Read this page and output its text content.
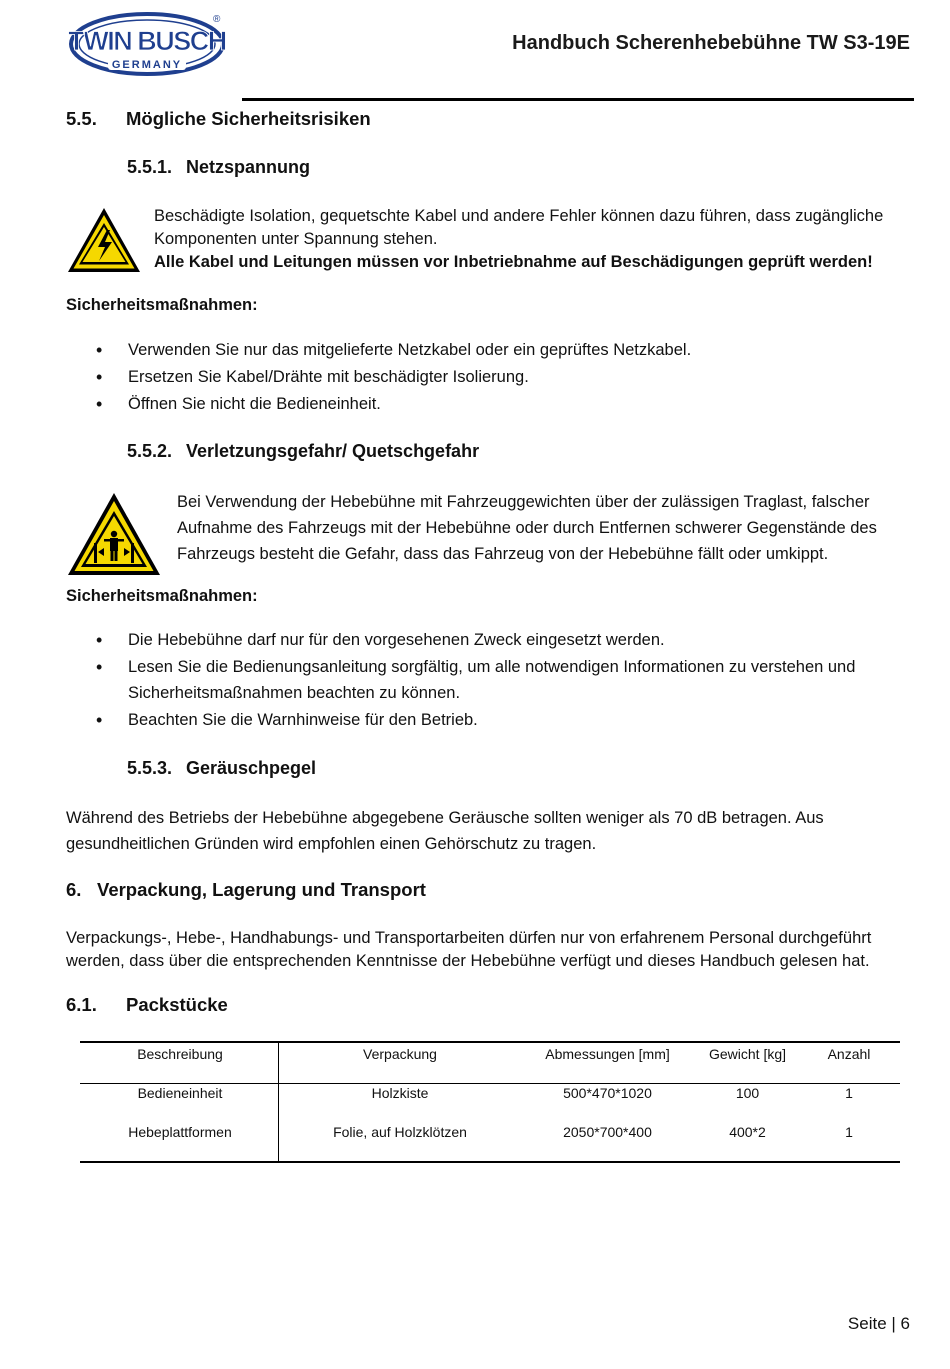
TWIN BUSCH
GERMANY
®
Handbuch Scherenhebebühne TW S3-19E
5.5. Mögliche Sicherheitsrisiken
5.5.1. Netzspannung
Beschädigte Isolation, gequetschte Kabel und andere Fehler können dazu führen, dass zugängliche
Komponenten unter Spannung stehen.
Alle Kabel und Leitungen müssen vor Inbetriebnahme auf Beschädigungen geprüft werden!
Sicherheitsmaßnahmen:
• Verwenden Sie nur das mitgelieferte Netzkabel oder ein geprüftes Netzkabel.
• Ersetzen Sie Kabel/Drähte mit beschädigter Isolierung.
• Öffnen Sie nicht die Bedieneinheit.
5.5.2. Verletzungsgefahr/ Quetschgefahr
Bei Verwendung der Hebebühne mit Fahrzeuggewichten über der zulässigen Traglast, falscher
Aufnahme des Fahrzeugs mit der Hebebühne oder durch Entfernen schwerer Gegenstände des
Fahrzeugs besteht die Gefahr, dass das Fahrzeug von der Hebebühne fällt oder umkippt.
Sicherheitsmaßnahmen:
• Die Hebebühne darf nur für den vorgesehenen Zweck eingesetzt werden.
• Lesen Sie die Bedienungsanleitung sorgfältig, um alle notwendigen Informationen zu verstehen und
Sicherheitsmaßnahmen beachten zu können.
• Beachten Sie die Warnhinweise für den Betrieb.
5.5.3. Geräuschpegel
Während des Betriebs der Hebebühne abgegebene Geräusche sollten weniger als 70 dB betragen. Aus
gesundheitlichen Gründen wird empfohlen einen Gehörschutz zu tragen.
6. Verpackung, Lagerung und Transport
Verpackungs-, Hebe-, Handhabungs- und Transportarbeiten dürfen nur von erfahrenem Personal durchgeführt
werden, dass über die entsprechenden Kenntnisse der Hebebühne verfügt und dieses Handbuch gelesen hat.
6.1. Packstücke
Beschreibung	Verpackung	Abmessungen [mm]	Gewicht [kg]	Anzahl
Bedieneinheit	Holzkiste	500*470*1020	100	1
Hebeplattformen	Folie, auf Holzklötzen	2050*700*400	400*2	1
Seite | 6
